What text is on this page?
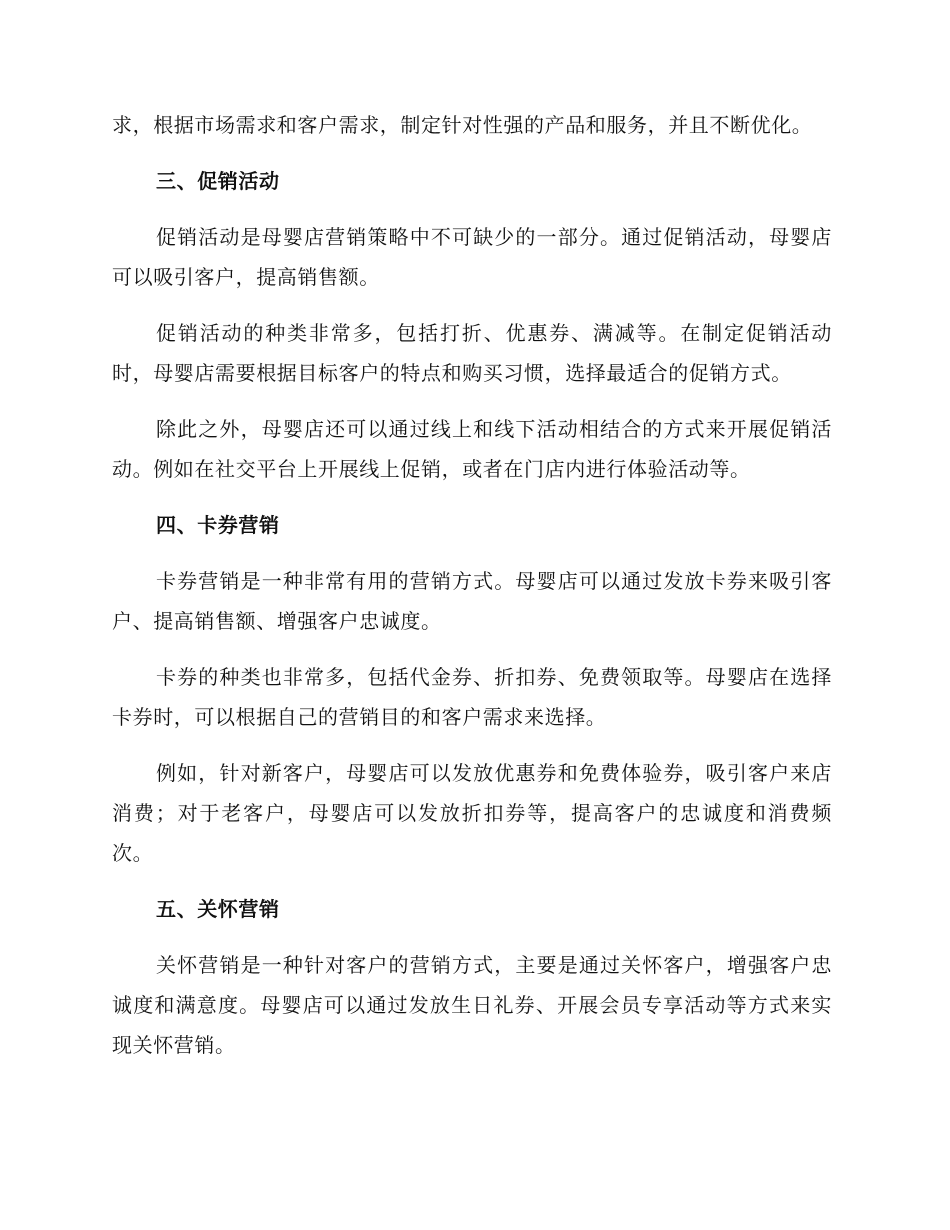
求，根据市场需求和客户需求，制定针对性强的产品和服务，并且不断优化。

三、促销活动

促销活动是母婴店营销策略中不可缺少的一部分。通过促销活动，母婴店可以吸引客户，提高销售额。

促销活动的种类非常多，包括打折、优惠券、满减等。在制定促销活动时，母婴店需要根据目标客户的特点和购买习惯，选择最适合的促销方式。

除此之外，母婴店还可以通过线上和线下活动相结合的方式来开展促销活动。例如在社交平台上开展线上促销，或者在门店内进行体验活动等。

四、卡券营销

卡券营销是一种非常有用的营销方式。母婴店可以通过发放卡券来吸引客户、提高销售额、增强客户忠诚度。

卡券的种类也非常多，包括代金券、折扣券、免费领取等。母婴店在选择卡券时，可以根据自己的营销目的和客户需求来选择。

例如，针对新客户，母婴店可以发放优惠券和免费体验券，吸引客户来店消费；对于老客户，母婴店可以发放折扣券等，提高客户的忠诚度和消费频次。

五、关怀营销

关怀营销是一种针对客户的营销方式，主要是通过关怀客户，增强客户忠诚度和满意度。母婴店可以通过发放生日礼券、开展会员专享活动等方式来实现关怀营销。
